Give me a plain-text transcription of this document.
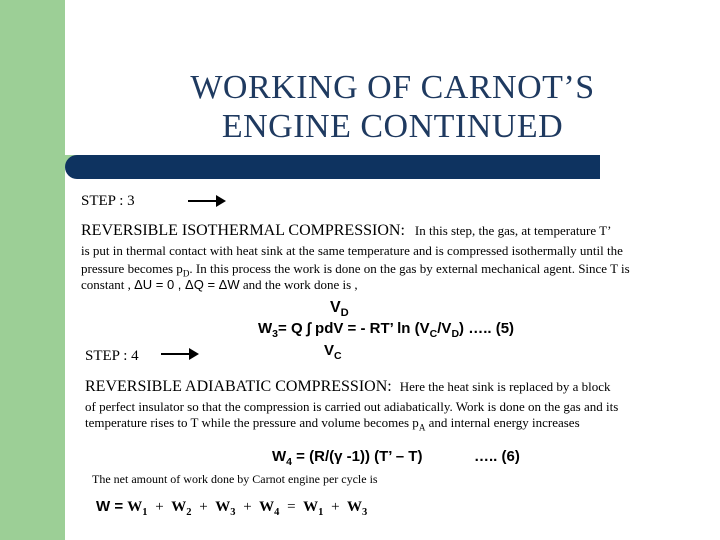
WORKING OF CARNOT’S
ENGINE CONTINUED
STEP : 3
REVERSIBLE ISOTHERMAL COMPRESSION: In this step, the gas, at temperature T’
is put in thermal contact with heat sink at the same temperature and is compressed isothermally until the
pressure becomes $p_D$. In this process the work is done on the gas by external mechanical agent. Since T is
constant , ΔU = 0 , ΔQ = ΔW and the work done is ,
$V_D$
$W_3= Q$ ∫ pdV = - RT’ $\ln (V_C/V_D)$ ….. (5)
$V_C$
STEP : 4
REVERSIBLE ADIABATIC COMPRESSION: Here the heat sink is replaced by a block
of perfect insulator so that the compression is carried out adiabatically. Work is done on the gas and its
temperature rises to T while the pressure and volume becomes $p_A$ and internal energy increases
$W_4 = (R/(\gamma$ -1)) (T’ – T)	….. (6)
The net amount of work done by Carnot engine per cycle is
$W = W_1 + W_2 + W_3 + W_4 = W_1 + W_3$
